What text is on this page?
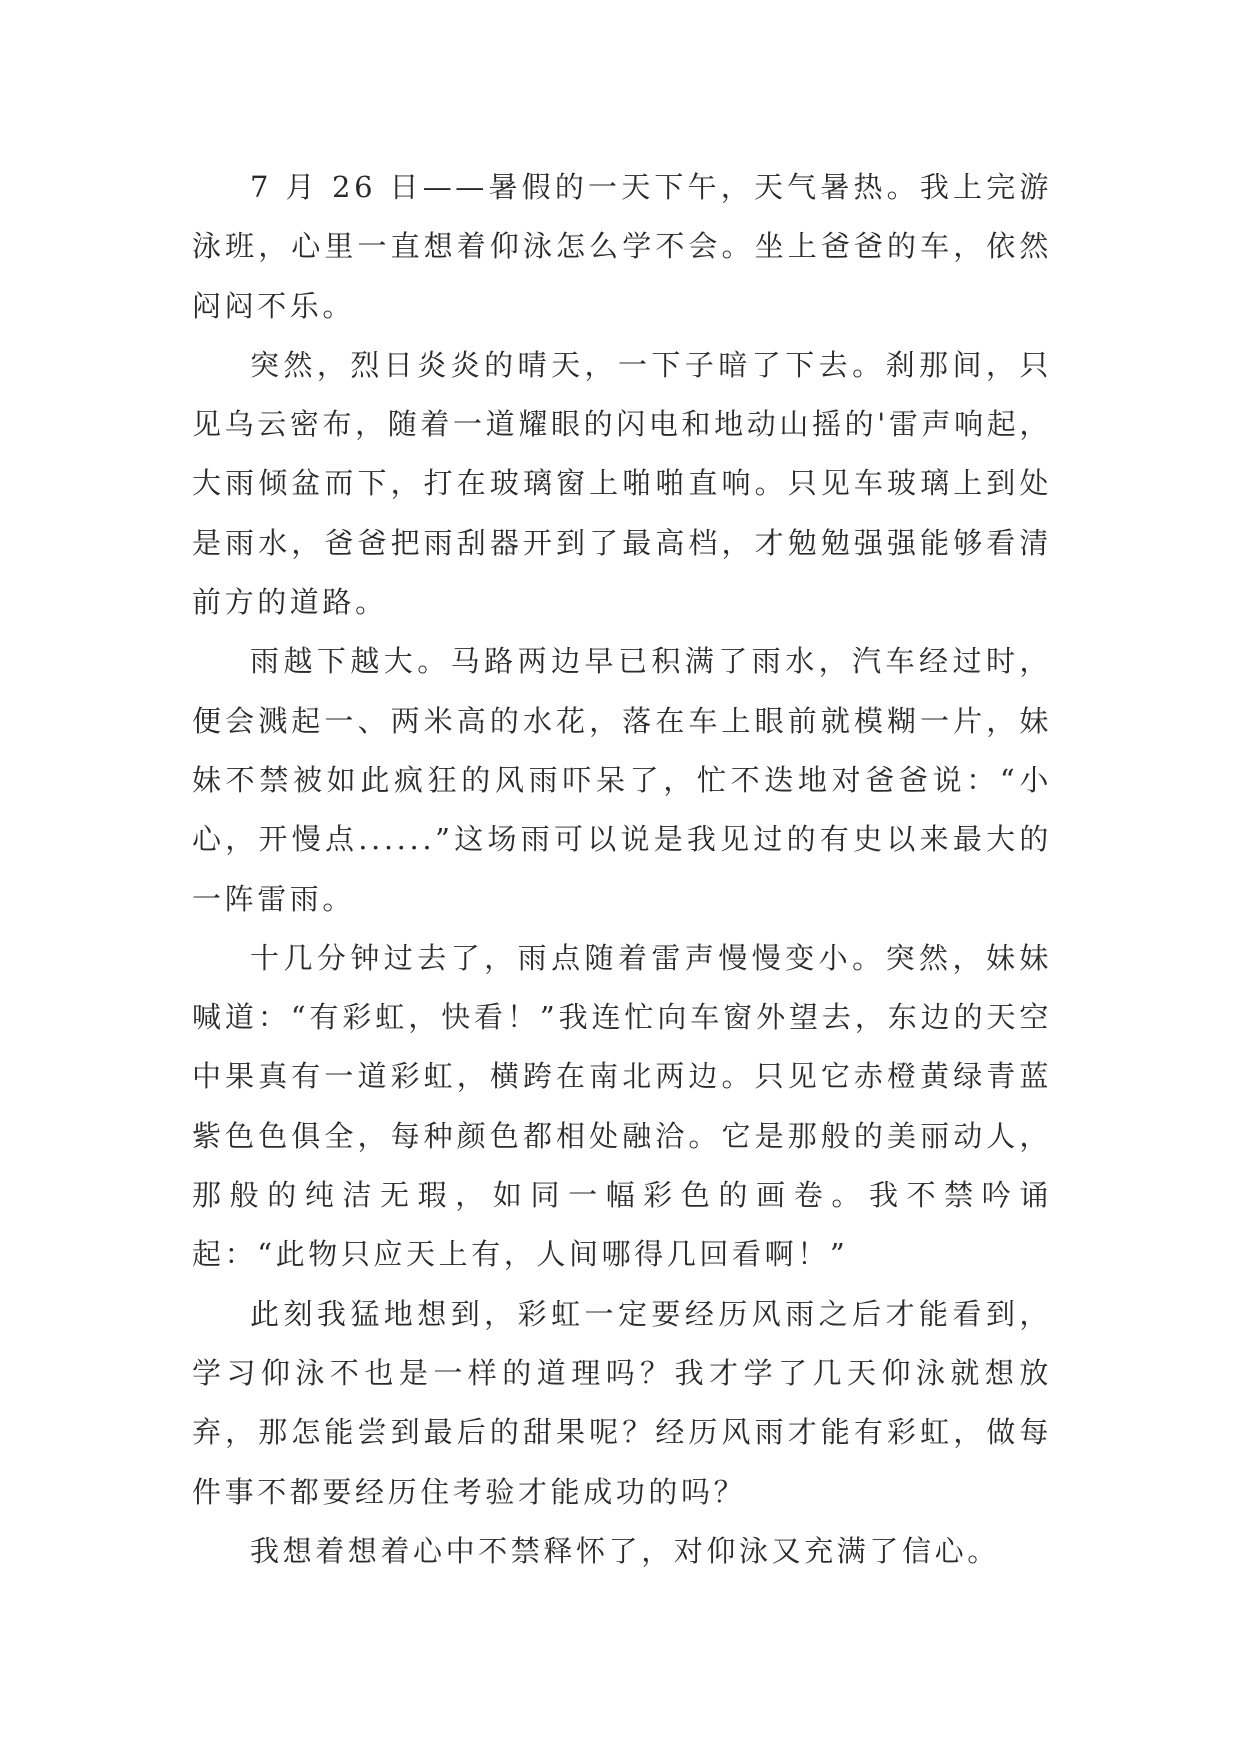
7 月 26 日——暑假的一天下午，天气暑热。我上完游泳班，心里一直想着仰泳怎么学不会。坐上爸爸的车，依然闷闷不乐。

突然，烈日炎炎的晴天，一下子暗了下去。刹那间，只见乌云密布，随着一道耀眼的闪电和地动山摇的'雷声响起，大雨倾盆而下，打在玻璃窗上啪啪直响。只见车玻璃上到处是雨水，爸爸把雨刮器开到了最高档，才勉勉强强能够看清前方的道路。

雨越下越大。马路两边早已积满了雨水，汽车经过时，便会溅起一、两米高的水花，落在车上眼前就模糊一片，妹妹不禁被如此疯狂的风雨吓呆了，忙不迭地对爸爸说：“小心，开慢点......”这场雨可以说是我见过的有史以来最大的一阵雷雨。

十几分钟过去了，雨点随着雷声慢慢变小。突然，妹妹喊道：“有彩虹，快看！”我连忙向车窗外望去，东边的天空中果真有一道彩虹，横跨在南北两边。只见它赤橙黄绿青蓝紫色色俱全，每种颜色都相处融洽。它是那般的美丽动人，那般的纯洁无瑕，如同一幅彩色的画卷。我不禁吟诵起：“此物只应天上有，人间哪得几回看啊！”

此刻我猛地想到，彩虹一定要经历风雨之后才能看到，学习仰泳不也是一样的道理吗？我才学了几天仰泳就想放弃，那怎能尝到最后的甜果呢？经历风雨才能有彩虹，做每件事不都要经历住考验才能成功的吗？

我想着想着心中不禁释怀了，对仰泳又充满了信心。
